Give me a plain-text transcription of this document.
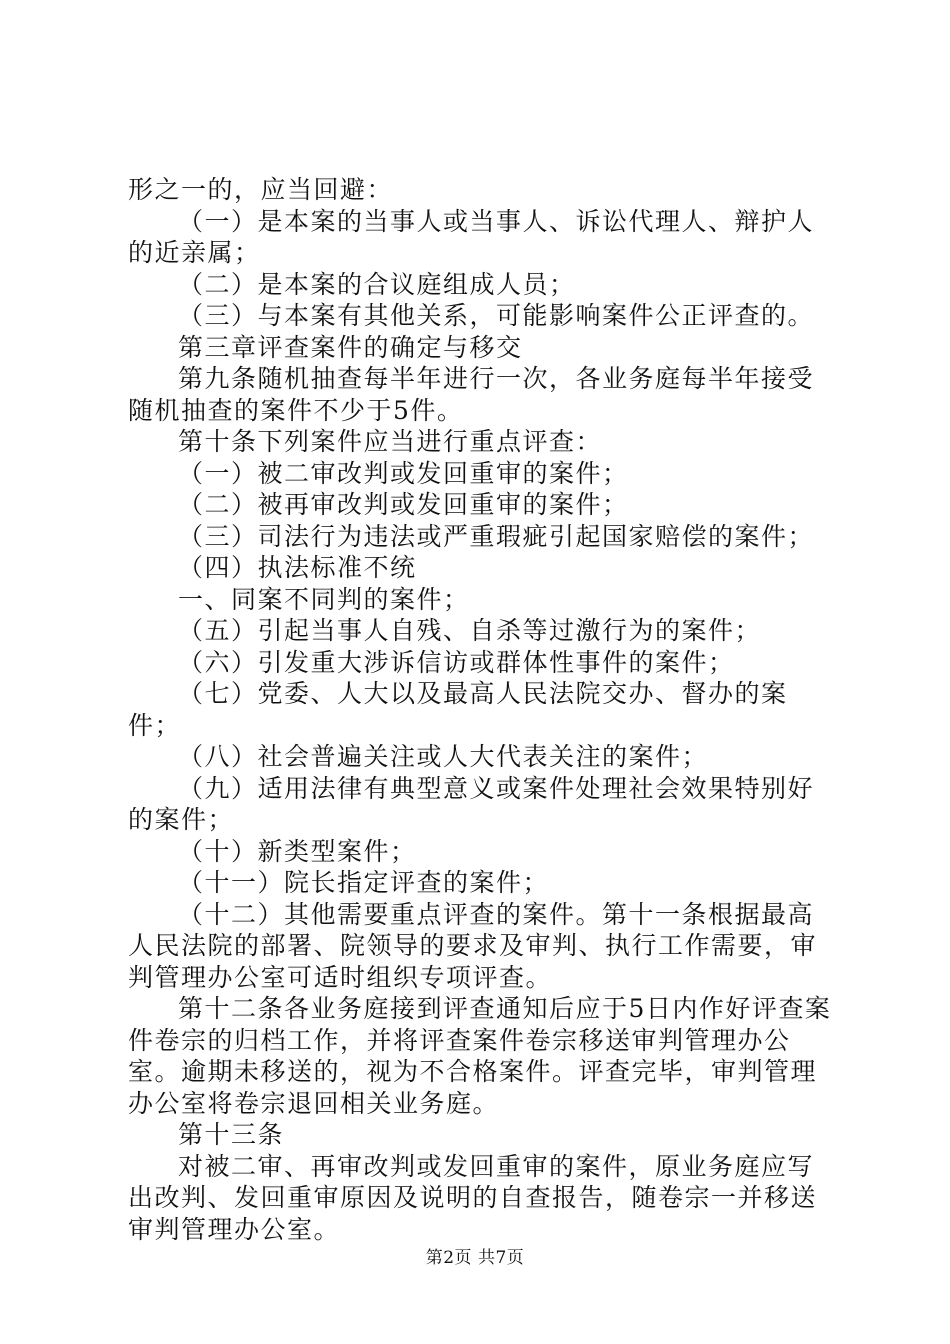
形之一的，应当回避：

（一）是本案的当事人或当事人、诉讼代理人、辩护人的近亲属；

（二）是本案的合议庭组成人员；

（三）与本案有其他关系，可能影响案件公正评查的。

第三章评查案件的确定与移交

第九条随机抽查每半年进行一次，各业务庭每半年接受随机抽查的案件不少于5件。

第十条下列案件应当进行重点评查：

（一）被二审改判或发回重审的案件；

（二）被再审改判或发回重审的案件；

（三）司法行为违法或严重瑕疵引起国家赔偿的案件；

（四）执法标准不统

一、同案不同判的案件；

（五）引起当事人自残、自杀等过激行为的案件；

（六）引发重大涉诉信访或群体性事件的案件；

（七）党委、人大以及最高人民法院交办、督办的案件；

（八）社会普遍关注或人大代表关注的案件；

（九）适用法律有典型意义或案件处理社会效果特别好的案件；

（十）新类型案件；

（十一）院长指定评查的案件；

（十二）其他需要重点评查的案件。第十一条根据最高人民法院的部署、院领导的要求及审判、执行工作需要，审判管理办公室可适时组织专项评查。

第十二条各业务庭接到评查通知后应于5日内作好评查案件卷宗的归档工作，并将评查案件卷宗移送审判管理办公室。逾期未移送的，视为不合格案件。评查完毕，审判管理办公室将卷宗退回相关业务庭。

第十三条

对被二审、再审改判或发回重审的案件，原业务庭应写出改判、发回重审原因及说明的自查报告，随卷宗一并移送审判管理办公室。

第2页 共7页
